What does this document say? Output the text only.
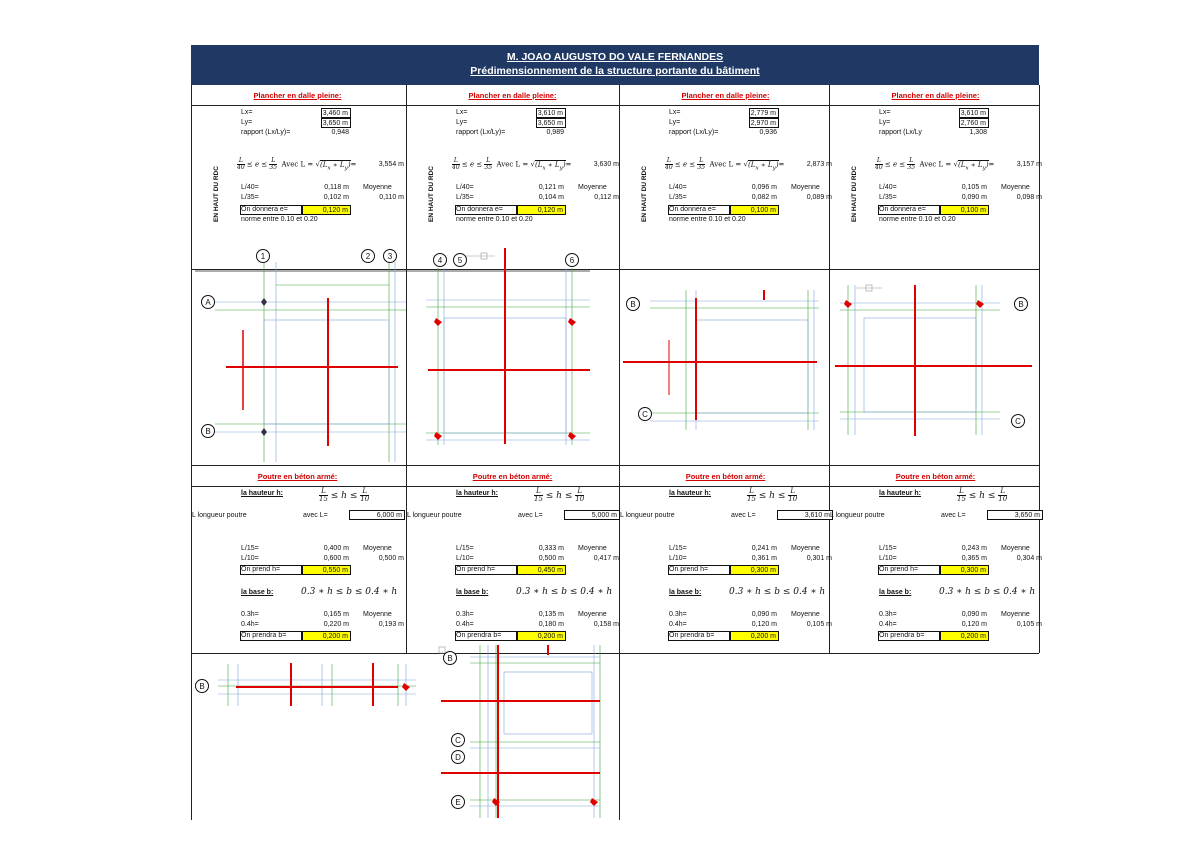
M. JOAO AUGUSTO DO VALE FERNANDES
Prédimensionnement de la structure portante du bâtiment
Plancher en dalle pleine:
Lx=	3,460 m
Ly=	3,650 m
rapport (Lx/Ly)=	0,948
EN HAUT DU RDC
$\frac{L}{40} \le e \le \frac{L}{35}$ Avec $L = √(L_x$ ∗ $L_y)=$	3,554 m
L/40=	0,118 m Moyenne
L/35=	0,102 m	0,110 m
On donnera e=	0,120 m
norme entre 0.10 et 0.20
Plancher en dalle pleine:
Lx=	3,610 m
Ly=	3,650 m
rapport (Lx/Ly)=	0,989
EN HAUT DU RDC
$\frac{L}{40} \le e \le \frac{L}{35}$ Avec $L = √(L_x$ ∗ $L_y)=$	3,630 m
L/40=	0,121 m Moyenne
L/35=	0,104 m	0,112 m
On donnera e=	0,120 m
norme entre 0.10 et 0.20
Plancher en dalle pleine:
Lx=	2,779 m
Ly=	2,970 m
rapport (Lx/Ly)=	0,936
EN HAUT DU RDC
$\frac{L}{40} \le e \le \frac{L}{35}$ Avec $L = √(L_x$ ∗ $L_y)=$	2,873 m
L/40=	0,096 m Moyenne
L/35=	0,082 m	0,089 m
On donnera e=	0,100 m
norme entre 0.10 et 0.20
Plancher en dalle pleine:
Lx=	3,610 m
Ly=	2,760 m
rapport (Lx/Ly	1,308
EN HAUT DU RDC
$\frac{L}{40} \le e \le \frac{L}{35}$ Avec $L = √(L_x$ ∗ $L_y)=$	3,157 m
L/40=	0,105 m Moyenne
L/35=	0,090 m	0,098 m
On donnera e=	0,100 m
norme entre 0.10 et 0.20
Poutre en béton armé:
la hauteur h:	$\frac{L}{15} \le h \le \frac{L}{10}$
L longueur poutre	avec L=	6,000 m
L/15=	0,400 m Moyenne
L/10=	0,600 m	0,500 m
On prend h=	0,550 m
la base b:	0.3 ∗ h ≤ b ≤ 0.4 ∗ h
0.3h=	0,165 m Moyenne
0.4h=	0,220 m	0,193 m
On prendra b=	0,200 m
Poutre en béton armé:
la hauteur h:	$\frac{L}{15} \le h \le \frac{L}{10}$
L longueur poutre	avec L=	5,000 m
L/15=	0,333 m Moyenne
L/10=	0,500 m	0,417 m
On prend h=	0,450 m
la base b:	0.3 ∗ h ≤ b ≤ 0.4 ∗ h
0.3h=	0,135 m Moyenne
0.4h=	0,180 m	0,158 m
On prendra b=	0,200 m
Poutre en béton armé:
la hauteur h:	$\frac{L}{15} \le h \le \frac{L}{10}$
L longueur poutre	avec L=	3,610 m
L/15=	0,241 m Moyenne
L/10=	0,361 m	0,301 m
On prend h=	0,300 m
la base b:	0.3 ∗ h ≤ b ≤ 0.4 ∗ h
0.3h=	0,090 m Moyenne
0.4h=	0,120 m	0,105 m
On prendra b=	0,200 m
Poutre en béton armé:
la hauteur h:	$\frac{L}{15} \le h \le \frac{L}{10}$
L longueur poutre	avec L=	3,650 m
L/15=	0,243 m Moyenne
L/10=	0,365 m	0,304 m
On prend h=	0,300 m
la base b:	0.3 ∗ h ≤ b ≤ 0.4 ∗ h
0.3h=	0,090 m Moyenne
0.4h=	0,120 m	0,105 m
On prendra b=	0,200 m
1	2	3
A
B
4	5	6
B
C
B
C
B
B
C
D
E
